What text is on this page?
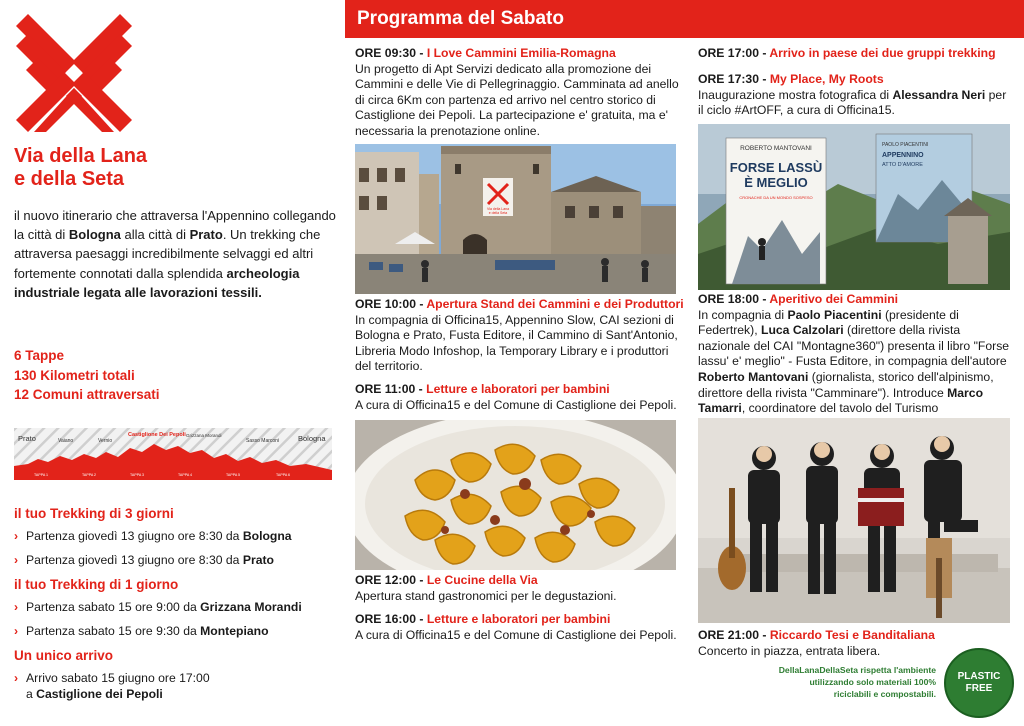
Via della Lana
e della Seta
il nuovo itinerario che attraversa l'Appennino collegando la città di Bologna alla città di Prato. Un trekking che attraversa paesaggi incredibilmente selvaggi ed altri fortemente connotati dalla splendida archeologia industriale legata alle lavorazioni tessili.
6 Tappe
130 Kilometri totali
12 Comuni attraversati
Prato	Vaiano	Vernio
Castiglione Dei Pepoli Grizzana Morandi
Sasso Marconi	Bologna
TAPPA 1	TAPPA 2	TAPPA 3	TAPPA 4	TAPPA 5	TAPPA 6
il tuo Trekking di 3 giorni
› Partenza giovedì 13 giugno ore 8:30 da Bologna
› Partenza giovedì 13 giugno ore 8:30 da Prato
il tuo Trekking di 1 giorno
› Partenza sabato 15 ore 9:00 da Grizzana Morandi
› Partenza sabato 15 ore 9:30 da Montepiano
Un unico arrivo
› Arrivo sabato 15 giugno ore 17:00
a Castiglione dei Pepoli
Programma del Sabato
ORE 09:30 - I Love Cammini Emilia-Romagna
Un progetto di Apt Servizi dedicato alla promozione dei Cammini e delle Vie di Pellegrinaggio. Camminata ad anello di circa 6Km con partenza ed arrivo nel centro storico di Castiglione dei Pepoli. La partecipazione e' gratuita, ma e' necessaria la prenotazione online.
Via della Lana
e della Seta
ORE 10:00 - Apertura Stand dei Cammini e dei Produttori
In compagnia di Officina15, Appennino Slow, CAI sezioni di Bologna e Prato, Fusta Editore, il Cammino di Sant'Antonio, Libreria Modo Infoshop, la Temporary Library e i produttori del territorio.
ORE 11:00 - Letture e laboratori per bambini
A cura di Officina15 e del Comune di Castiglione dei Pepoli.
ORE 12:00 - Le Cucine della Via
Apertura stand gastronomici per le degustazioni.
ORE 16:00 - Letture e laboratori per bambini
A cura di Officina15 e del Comune di Castiglione dei Pepoli.
ORE 17:00 - Arrivo in paese dei due gruppi trekking
ORE 17:30 - My Place, My Roots
Inaugurazione mostra fotografica di Alessandra Neri per il ciclo #ArtOFF, a cura di Officina15.
ROBERTO MANTOVANI
FORSE LASSÙ
È MEGLIO
CRONACHE DA UN MONDO SOSPESO
PAOLO PIACENTINI
APPENNINO
ATTO D'AMORE
ORE 18:00 - Aperitivo dei Cammini
In compagnia di Paolo Piacentini (presidente di Federtrek), Luca Calzolari (direttore della rivista nazionale del CAI "Montagne360") presenta il libro "Forse lassu' e' meglio" - Fusta Editore, in compagnia dell'autore Roberto Mantovani (giornalista, storico dell'alpinismo, direttore della rivista "Camminare"). Introduce Marco Tamarri, coordinatore del tavolo del Turismo
ORE 21:00 - Riccardo Tesi e Banditaliana
Concerto in piazza, entrata libera.
DellaLanaDellaSeta rispetta l'ambiente
utilizzando solo materiali 100%
riciclabili e compostabili.
PLASTIC
FREE
